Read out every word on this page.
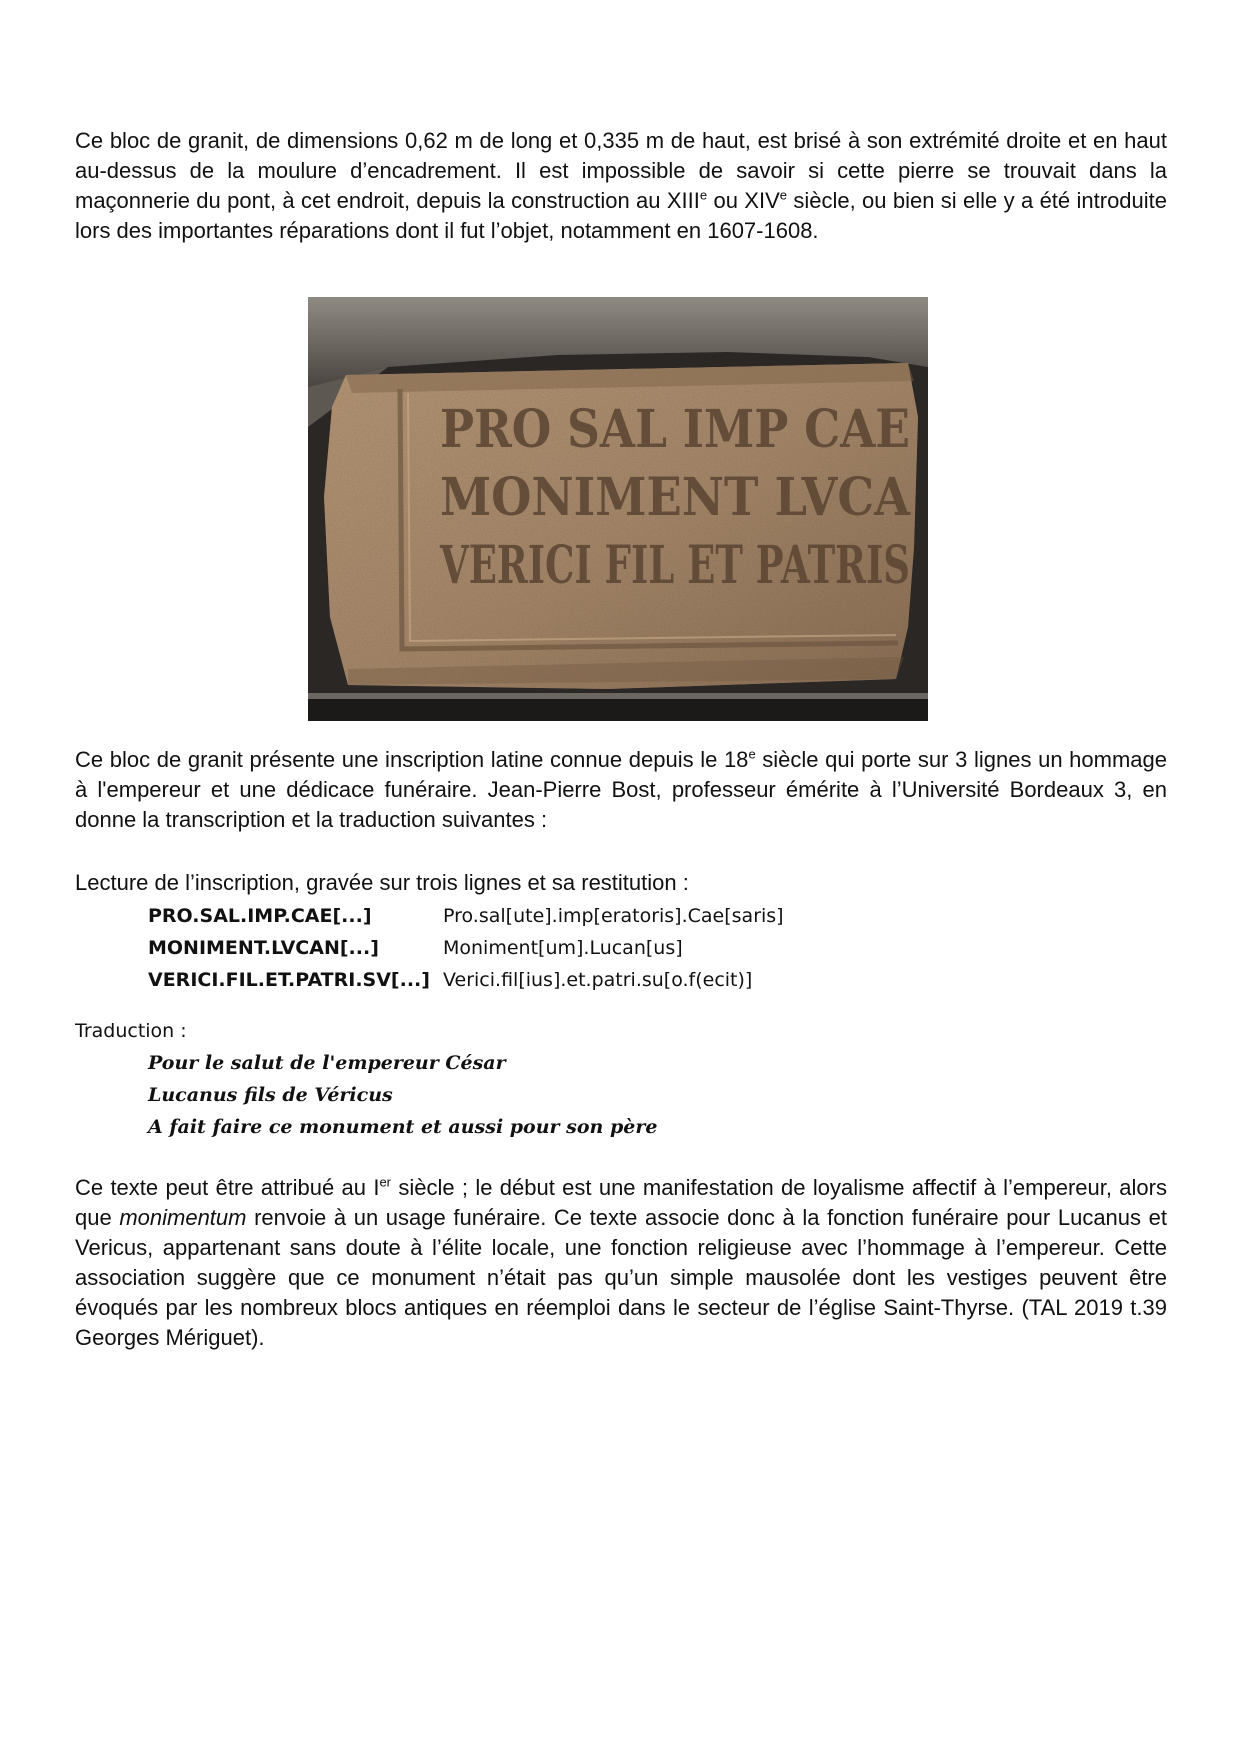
Ce bloc de granit, de dimensions 0,62 m de long et 0,335 m de haut, est brisé à son extrémité droite et en haut au-dessus de la moulure d’encadrement. Il est impossible de savoir si cette pierre se trouvait dans la maçonnerie du pont, à cet endroit, depuis la construction au XIIIe ou XIVe siècle, ou bien si elle y a été introduite lors des importantes réparations dont il fut l’objet, notamment en 1607-1608.

PRO SAL IMP CAE
MONIMENT LVCA
VERICI FIL ET PATRIS

Ce bloc de granit présente une inscription latine connue depuis le 18e siècle qui porte sur 3 lignes un hommage à l'empereur et une dédicace funéraire. Jean-Pierre Bost, professeur émérite à l’Université Bordeaux 3, en donne la transcription et la traduction suivantes :

Lecture de l’inscription, gravée sur trois lignes et sa restitution :

PRO.SAL.IMP.CAE[...]	Pro.sal[ute].imp[eratoris].Cae[saris]
MONIMENT.LVCAN[...]	Moniment[um].Lucan[us]
VERICI.FIL.ET.PATRI.SV[...] Verici.fil[ius].et.patri.su[o.f(ecit)]

Traduction :

Pour le salut de l'empereur César
Lucanus fils de Véricus
A fait faire ce monument et aussi pour son père

Ce texte peut être attribué au Ier siècle ; le début est une manifestation de loyalisme affectif à l’empereur, alors que monimentum renvoie à un usage funéraire. Ce texte associe donc à la fonction funéraire pour Lucanus et Vericus, appartenant sans doute à l’élite locale, une fonction religieuse avec l’hommage à l’empereur. Cette association suggère que ce monument n’était pas qu’un simple mausolée dont les vestiges peuvent être évoqués par les nombreux blocs antiques en réemploi dans le secteur de l’église Saint-Thyrse. (TAL 2019 t.39 Georges Mériguet).
